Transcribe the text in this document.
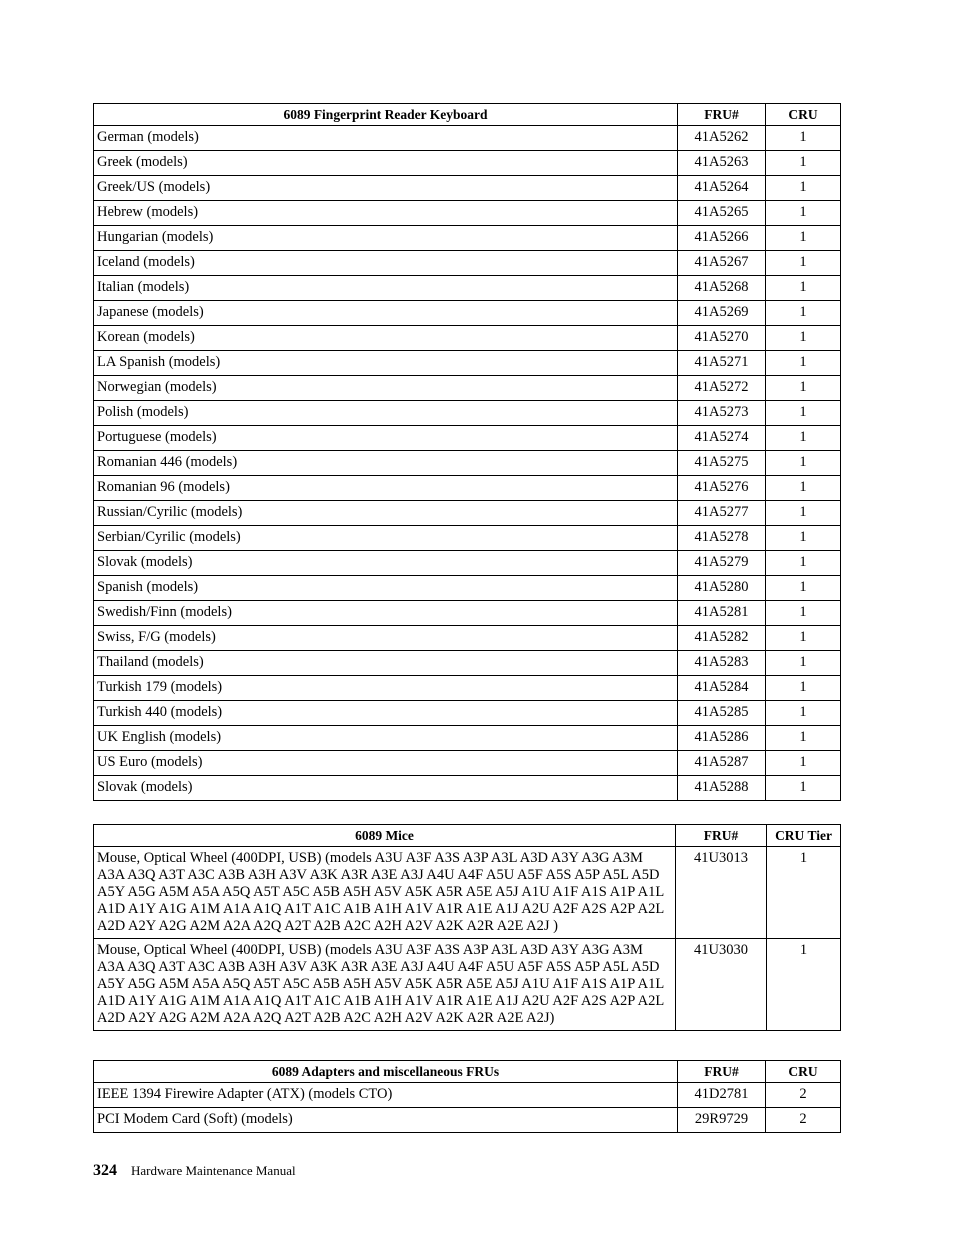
6089 Fingerprint Reader Keyboard	FRU#	CRU
German (models)	41A5262	1
Greek (models)	41A5263	1
Greek/US (models)	41A5264	1
Hebrew (models)	41A5265	1
Hungarian (models)	41A5266	1
Iceland (models)	41A5267	1
Italian (models)	41A5268	1
Japanese (models)	41A5269	1
Korean (models)	41A5270	1
LA Spanish (models)	41A5271	1
Norwegian (models)	41A5272	1
Polish (models)	41A5273	1
Portuguese (models)	41A5274	1
Romanian 446 (models)	41A5275	1
Romanian 96 (models)	41A5276	1
Russian/Cyrilic (models)	41A5277	1
Serbian/Cyrilic (models)	41A5278	1
Slovak (models)	41A5279	1
Spanish (models)	41A5280	1
Swedish/Finn (models)	41A5281	1
Swiss, F/G (models)	41A5282	1
Thailand (models)	41A5283	1
Turkish 179 (models)	41A5284	1
Turkish 440 (models)	41A5285	1
UK English (models)	41A5286	1
US Euro (models)	41A5287	1
Slovak (models)	41A5288	1
6089 Mice	FRU#	CRU Tier
Mouse, Optical Wheel (400DPI, USB) (models A3U A3F A3S A3P A3L A3D A3Y A3G A3M A3A A3Q A3T A3C A3B A3H A3V A3K A3R A3E A3J A4U A4F A5U A5F A5S A5P A5L A5D A5Y A5G A5M A5A A5Q A5T A5C A5B A5H A5V A5K A5R A5E A5J A1U A1F A1S A1P A1L A1D A1Y A1G A1M A1A A1Q A1T A1C A1B A1H A1V A1R A1E A1J A2U A2F A2S A2P A2L A2D A2Y A2G A2M A2A A2Q A2T A2B A2C A2H A2V A2K A2R A2E A2J )	41U3013	1
Mouse, Optical Wheel (400DPI, USB) (models A3U A3F A3S A3P A3L A3D A3Y A3G A3M A3A A3Q A3T A3C A3B A3H A3V A3K A3R A3E A3J A4U A4F A5U A5F A5S A5P A5L A5D A5Y A5G A5M A5A A5Q A5T A5C A5B A5H A5V A5K A5R A5E A5J A1U A1F A1S A1P A1L A1D A1Y A1G A1M A1A A1Q A1T A1C A1B A1H A1V A1R A1E A1J A2U A2F A2S A2P A2L A2D A2Y A2G A2M A2A A2Q A2T A2B A2C A2H A2V A2K A2R A2E A2J)	41U3030	1
6089 Adapters and miscellaneous FRUs	FRU#	CRU
IEEE 1394 Firewire Adapter (ATX) (models CTO)	41D2781	2
PCI Modem Card (Soft) (models)	29R9729	2
324 Hardware Maintenance Manual
